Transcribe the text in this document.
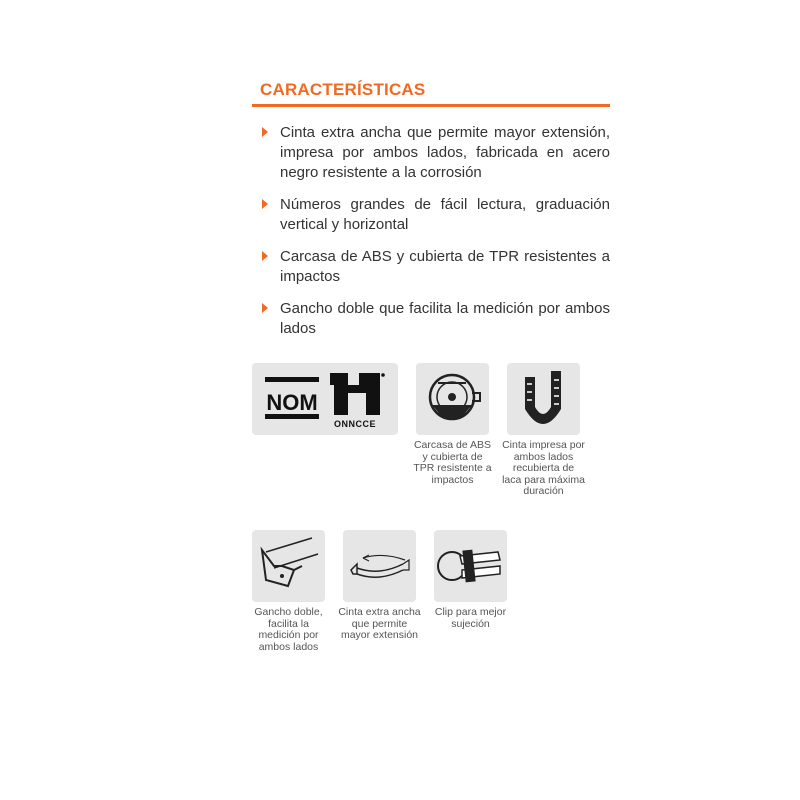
CARACTERÍSTICAS
Cinta extra ancha que permite mayor extensión, impresa por ambos lados, fabricada en acero negro resistente a la corrosión
Números grandes de fácil lectura, graduación vertical y horizontal
Carcasa de ABS y cubierta de TPR resistentes a impactos
Gancho doble que facilita la medición por ambos lados
NOM
ONNCCE
Carcasa de ABS y cubierta de TPR resistente a impactos
Cinta impresa por ambos lados recubierta de laca para máxima duración
Gancho doble, facilita la medición por ambos lados
Cinta extra ancha que permite mayor extensión
Clip para mejor sujeción
